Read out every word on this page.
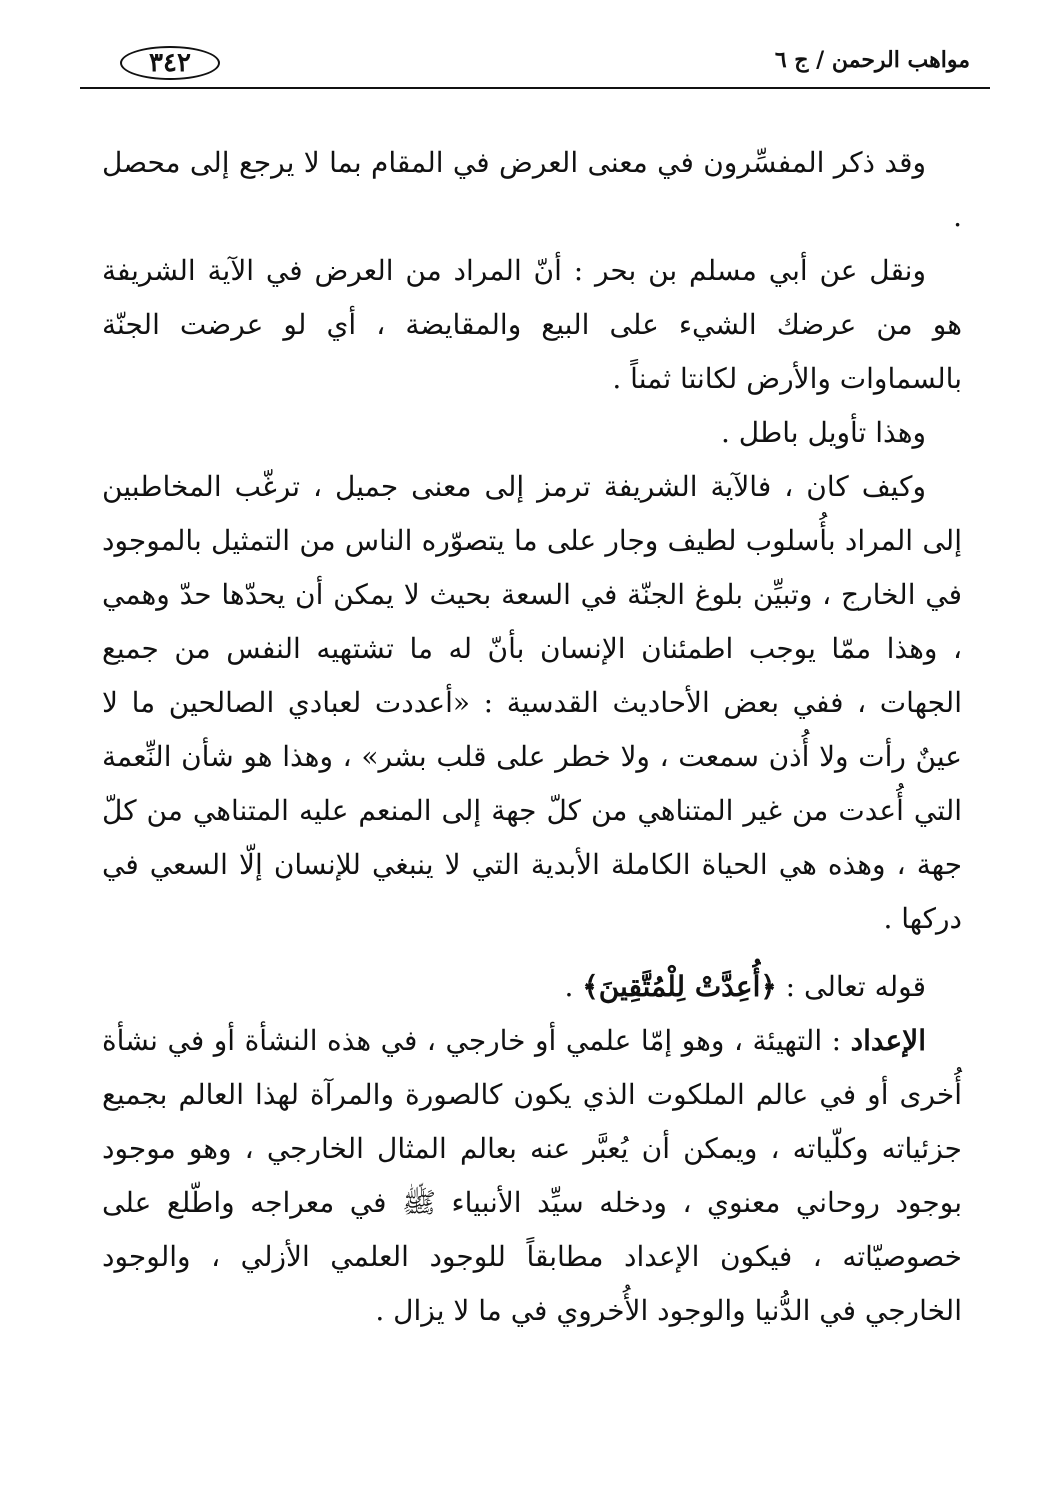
٣٤٢	مواهب الرحمن / ج ٦

وقد ذكر المفسِّرون في معنى العرض في المقام بما لا يرجع إلى محصل .

ونقل عن أبي مسلم بن بحر : أنّ المراد من العرض في الآية الشريفة هو من عرضك الشيء على البيع والمقايضة ، أي لو عرضت الجنّة بالسماوات والأرض لكانتا ثمناً .

وهذا تأويل باطل .

وكيف كان ، فالآية الشريفة ترمز إلى معنى جميل ، ترغّب المخاطبين إلى المراد بأُسلوب لطيف وجار على ما يتصوّره الناس من التمثيل بالموجود في الخارج ، وتبيِّن بلوغ الجنّة في السعة بحيث لا يمكن أن يحدّها حدّ وهمي ، وهذا ممّا يوجب اطمئنان الإنسان بأنّ له ما تشتهيه النفس من جميع الجهات ، ففي بعض الأحاديث القدسية : «أعددت لعبادي الصالحين ما لا عينٌ رأت ولا أُذن سمعت ، ولا خطر على قلب بشر» ، وهذا هو شأن النِّعمة التي أُعدت من غير المتناهي من كلّ جهة إلى المنعم عليه المتناهي من كلّ جهة ، وهذه هي الحياة الكاملة الأبدية التي لا ينبغي للإنسان إلّا السعي في دركها .

قوله تعالى : ﴿أُعِدَّتْ لِلْمُتَّقِينَ﴾ .

الإعداد : التهيئة ، وهو إمّا علمي أو خارجي ، في هذه النشأة أو في نشأة أُخرى أو في عالم الملكوت الذي يكون كالصورة والمرآة لهذا العالم بجميع جزئياته وكلّياته ، ويمكن أن يُعبَّر عنه بعالم المثال الخارجي ، وهو موجود بوجود روحاني معنوي ، ودخله سيِّد الأنبياء ﷺ في معراجه واطّلع على خصوصيّاته ، فيكون الإعداد مطابقاً للوجود العلمي الأزلي ، والوجود الخارجي في الدُّنيا والوجود الأُخروي في ما لا يزال .
